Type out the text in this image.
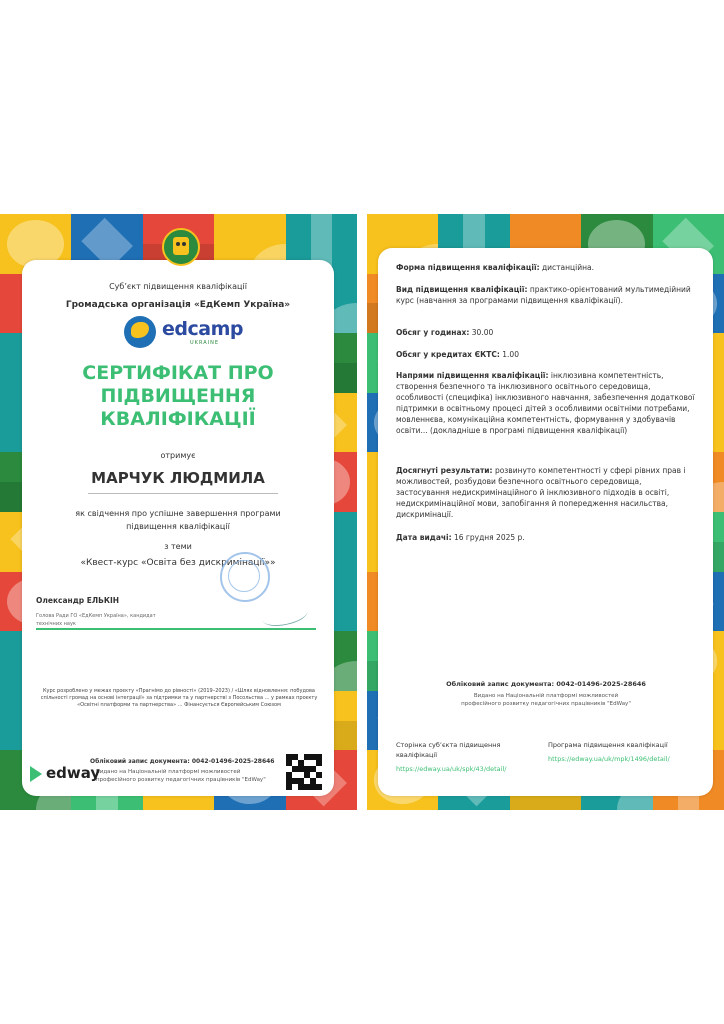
Суб’єкт підвищення кваліфікації
Громадська організація «ЕдКемп Україна»
edcamp
UKRAINE
СЕРТИФІКАТ ПРО
ПІДВИЩЕННЯ
КВАЛІФІКАЦІЇ
отримує
МАРЧУК ЛЮДМИЛА
як свідчення про успішне завершення програми
підвищення кваліфікації
з теми
«Квест-курс «Освіта без дискримінації»»
Олександр ЕЛЬКІН
Голова Ради ГО «ЕдКемп Україна», кандидат
технічних наук
Курс розроблено у межах проєкту «Прагнімо до рівності» (2019–2023) / «Шлях відновлення: побудова спільності громад на основі інтеграції» за підтримки та у партнерстві з Посольства ... у рамках проєкту «Освітні платформи та партнерства» ... Фінансується Європейським Союзом
Обліковий запис документа: 0042-01496-2025-28646
Видано на Національній платформі можливостей
професійного розвитку педагогічних працівників "EdWay"
edway
Форма підвищення кваліфікації: дистанційна.
Вид підвищення кваліфікації: практико-орієнтований мультимедійний курс (навчання за програмами підвищення кваліфікації).
Обсяг у годинах: 30.00
Обсяг у кредитах ЄКТС: 1.00
Напрями підвищення кваліфікації: інклюзивна компетентність, створення безпечного та інклюзивного освітнього середовища, особливості (специфіка) інклюзивного навчання, забезпечення додаткової підтримки в освітньому процесі дітей з особливими освітніми потребами, мовленнєва, комунікаційна компетентність, формування у здобувачів освіти... (докладніше в програмі підвищення кваліфікації)
Досягнуті результати: розвинуто компетентності у сфері рівних прав і можливостей, розбудови безпечного освітнього середовища, застосування недискримінаційного й інклюзивного підходів в освіті, недискримінаційної мови, запобігання й попередження насильства, дискримінації.
Дата видачі: 16 грудня 2025 р.
Обліковий запис документа: 0042-01496-2025-28646
Видано на Національній платформі можливостей
професійного розвитку педагогічних працівників "EdWay"
Сторінка суб’єкта підвищення кваліфікації
https://edway.ua/uk/spk/43/detail/
Програма підвищення кваліфікації
https://edway.ua/uk/mpk/1496/detail/
